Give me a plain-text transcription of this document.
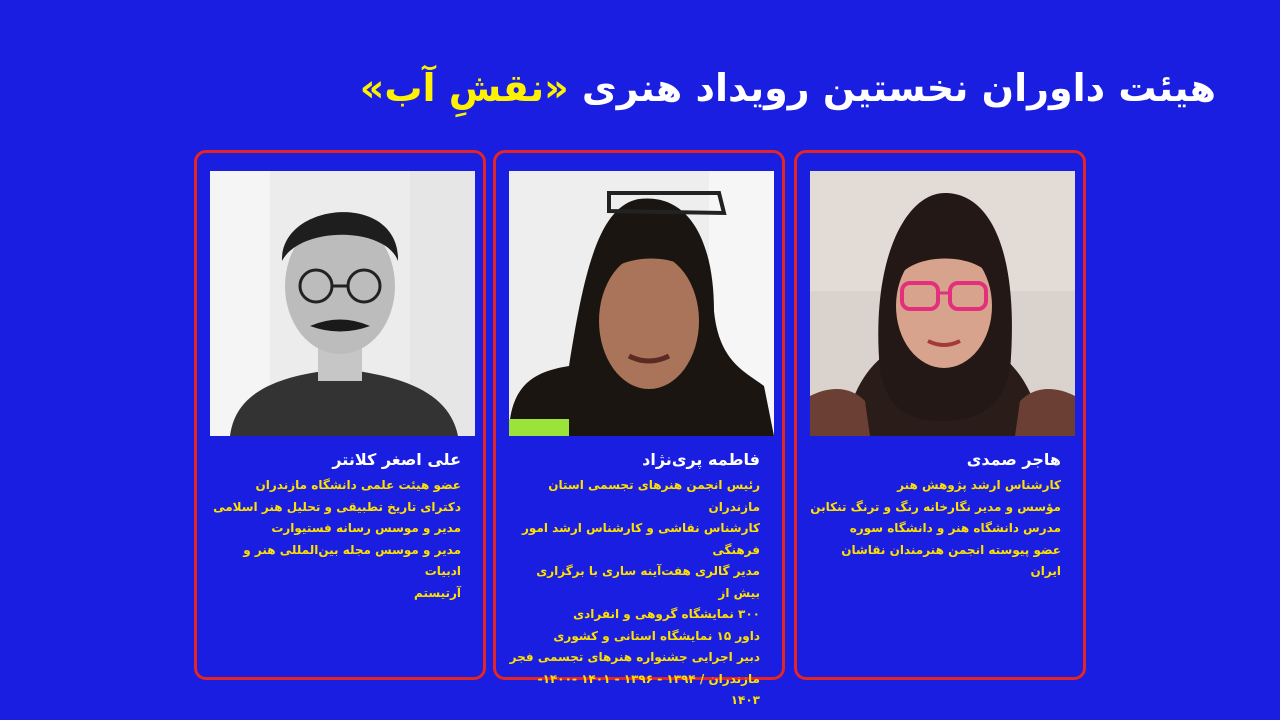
هیئت داوران نخستین رویداد هنری «نقشِ آب»
هاجر صمدی
کارشناس ارشد پژوهش هنر
مؤسس و مدیر نگارخانه رنگ و ترنگ تنکابن
مدرس دانشگاه هنر و دانشگاه سوره
عضو پیوسته انجمن هنرمندان نقاشان ایران
فاطمه پری‌نژاد
رئیس انجمن هنرهای تجسمی استان مازندران
کارشناس نقاشی و کارشناس ارشد امور فرهنگی
مدیر گالری هفت‌آینه ساری با برگزاری بیش از
۳۰۰ نمایشگاه گروهی و انفرادی
داور ۱۵ نمایشگاه استانی و کشوری
دبیر اجرایی جشنواره هنرهای تجسمی فجر
مازندران / ۱۳۹۴ - ۱۳۹۶ - ۱۴۰۱ -۱۴۰۰- ۱۴۰۳
علی اصغر کلانتر
عضو هیئت علمی دانشگاه مازندران
دکترای تاریخ تطبیقی و تحلیل هنر اسلامی
مدیر و موسس رسانه فستیوارت
مدیر و موسس مجله بین‌المللی هنر و ادبیات
آرتیستم
